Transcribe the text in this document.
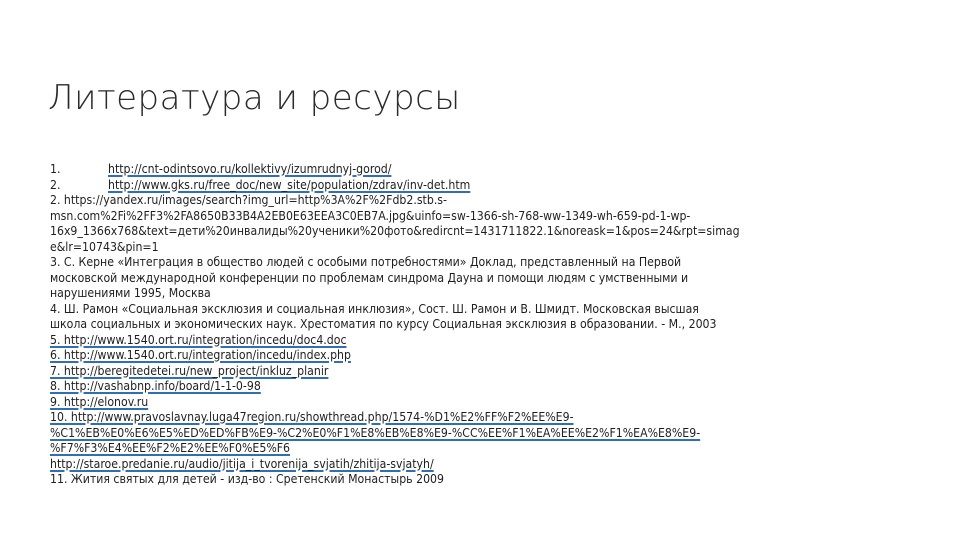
Литература и ресурсы
1.	http://cnt-odintsovo.ru/kollektivy/izumrudnyj-gorod/
2.	http://www.gks.ru/free_doc/new_site/population/zdrav/inv-det.htm
2. https://yandex.ru/images/search?img_url=http%3A%2F%2Fdb2.stb.s-
msn.com%2Fi%2FF3%2FA8650B33B4A2EB0E63EEA3C0EB7A.jpg&uinfo=sw-1366-sh-768-ww-1349-wh-659-pd-1-wp-
16x9_1366x768&text=дети%20инвалиды%20ученики%20фото&redircnt=1431711822.1&noreask=1&pos=24&rpt=simag
e&lr=10743&pin=1
3. С. Керне «Интеграция в общество людей с особыми потребностями» Доклад, представленный на Первой
московской международной конференции по проблемам синдрома Дауна и помощи людям с умственными и
нарушениями 1995, Москва
4. Ш. Рамон «Социальная эксклюзия и социальная инклюзия», Сост. Ш. Рамон и В. Шмидт. Московская высшая
школа социальных и экономических наук. Хрестоматия по курсу Социальная эксклюзия в образовании. - М., 2003
5. http://www.1540.ort.ru/integration/incedu/doc4.doc
6. http://www.1540.ort.ru/integration/incedu/index.php
7. http://beregitedetei.ru/new_project/inkluz_planir
8. http://vashabnp.info/board/1-1-0-98
9. http://elonov.ru
10. http://www.pravoslavnay.luga47region.ru/showthread.php/1574-%D1%E2%FF%F2%EE%E9-
%C1%EB%E0%E6%E5%ED%ED%FB%E9-%C2%E0%F1%E8%EB%E8%E9-%CC%EE%F1%EA%EE%E2%F1%EA%E8%E9-
%F7%F3%E4%EE%F2%E2%EE%F0%E5%F6
http://staroe.predanie.ru/audio/jitija_i_tvorenija_svjatih/zhitija-svjatyh/
11. Жития святых для детей - изд-во : Сретенский Монастырь 2009
